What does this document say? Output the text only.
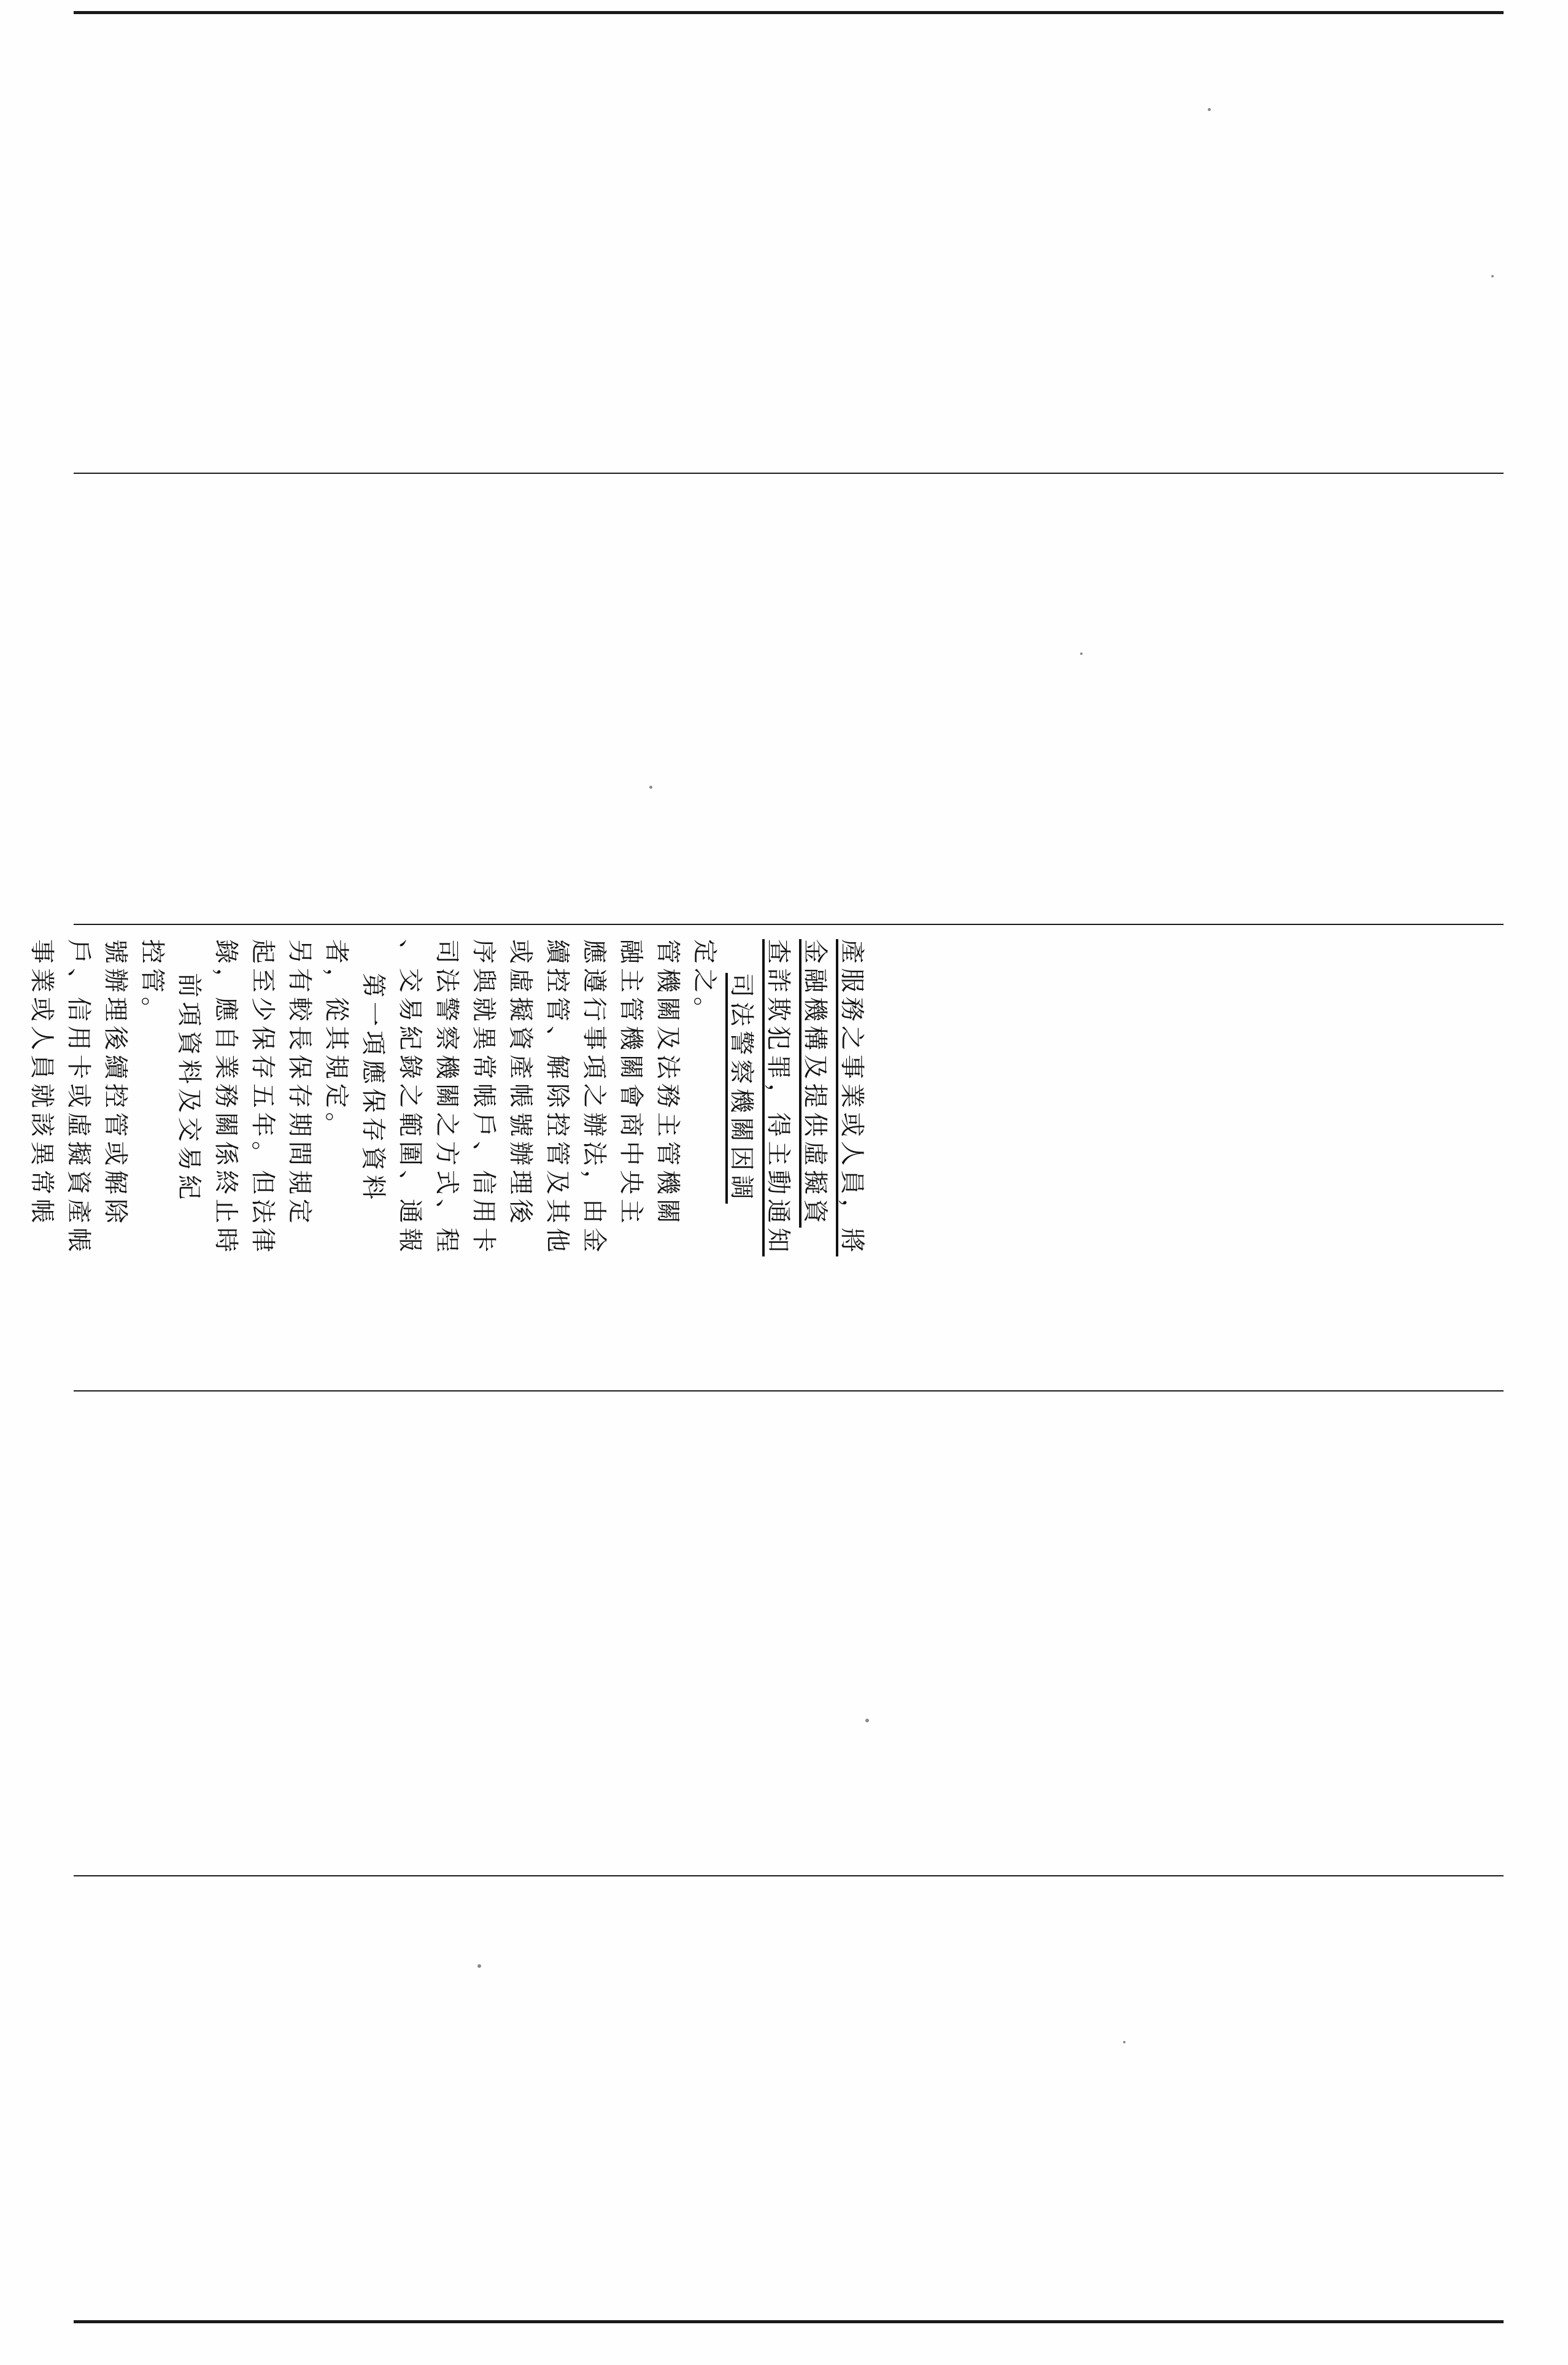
事業或人員就該異常帳 戶、信用卡或虛擬資產帳 號辦理後續控管或解除 控管。 前項資料及交易紀 錄，應自業務關係終止時 起至少保存五年。但法律 另有較長保存期間規定 者，從其規定。 第一項應保存資料 、交易紀錄之範圍、通報 司法警察機關之方式、程 序與就異常帳戶、信用卡 或虛擬資產帳號辦理後 續控管、解除控管及其他 應遵行事項之辦法，由金 融主管機關會商中央主 管機關及法務主管機關 定之。 司法警察機關因調 查詐欺犯罪，得主動通知 金融機構及提供虛擬資 產服務之事業或人員，將
